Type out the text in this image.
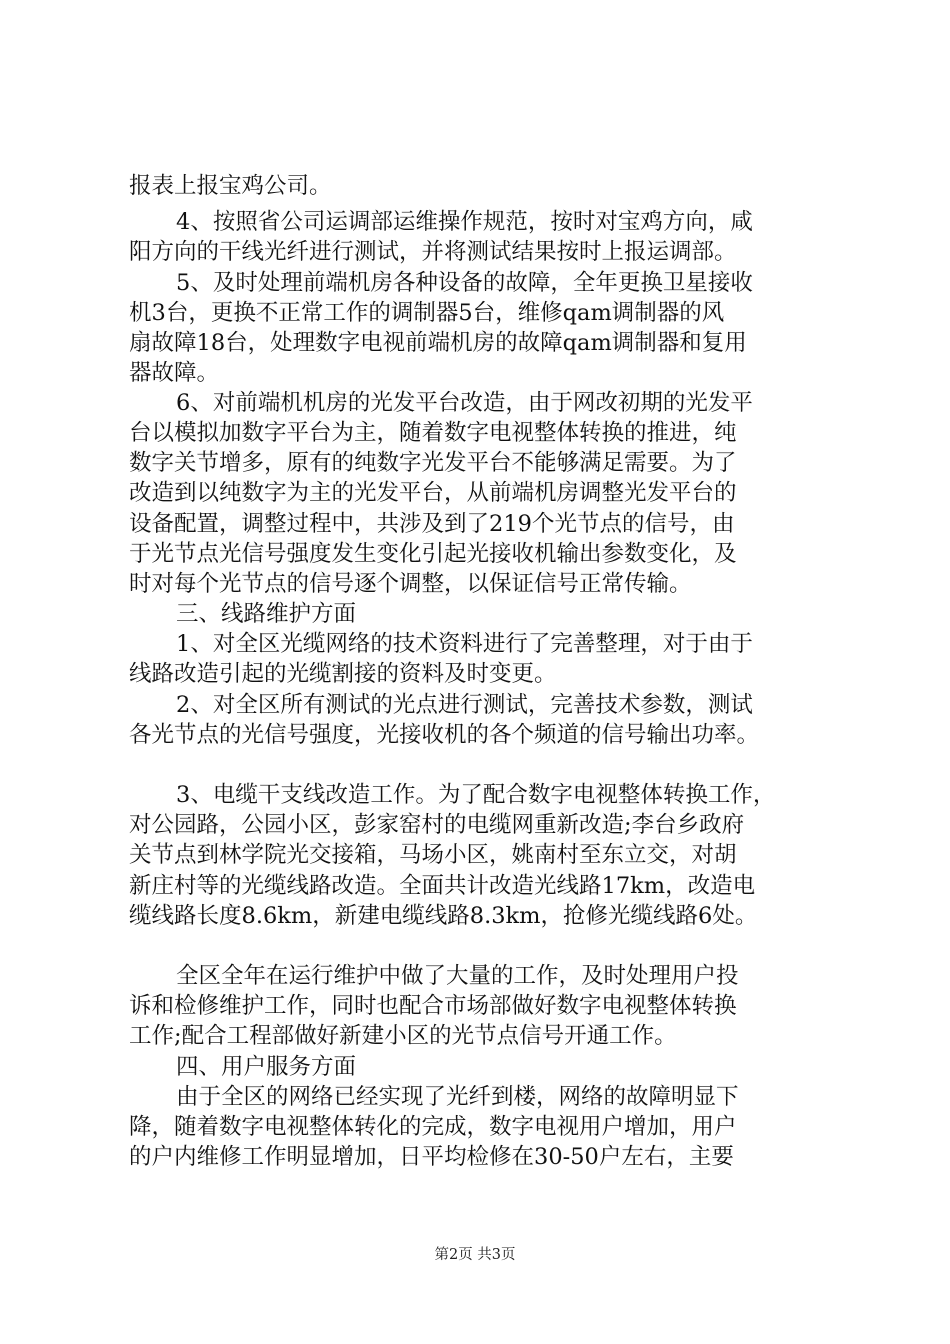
报表上报宝鸡公司。
4、按照省公司运调部运维操作规范，按时对宝鸡方向，咸
阳方向的干线光纤进行测试，并将测试结果按时上报运调部。
5、及时处理前端机房各种设备的故障，全年更换卫星接收
机3台，更换不正常工作的调制器5台，维修qam调制器的风
扇故障18台，处理数字电视前端机房的故障qam调制器和复用
器故障。
6、对前端机机房的光发平台改造，由于网改初期的光发平
台以模拟加数字平台为主，随着数字电视整体转换的推进，纯
数字关节增多，原有的纯数字光发平台不能够满足需要。为了
改造到以纯数字为主的光发平台，从前端机房调整光发平台的
设备配置，调整过程中，共涉及到了219个光节点的信号，由
于光节点光信号强度发生变化引起光接收机输出参数变化，及
时对每个光节点的信号逐个调整，以保证信号正常传输。
三、线路维护方面
1、对全区光缆网络的技术资料进行了完善整理，对于由于
线路改造引起的光缆割接的资料及时变更。
2、对全区所有测试的光点进行测试，完善技术参数，测试
各光节点的光信号强度，光接收机的各个频道的信号输出功率。
3、电缆干支线改造工作。为了配合数字电视整体转换工作，
对公园路，公园小区，彭家窑村的电缆网重新改造;李台乡政府
关节点到林学院光交接箱，马场小区，姚南村至东立交，对胡
新庄村等的光缆线路改造。全面共计改造光线路17km，改造电
缆线路长度8.6km，新建电缆线路8.3km，抢修光缆线路6处。
全区全年在运行维护中做了大量的工作，及时处理用户投
诉和检修维护工作，同时也配合市场部做好数字电视整体转换
工作;配合工程部做好新建小区的光节点信号开通工作。
四、用户服务方面
由于全区的网络已经实现了光纤到楼，网络的故障明显下
降，随着数字电视整体转化的完成，数字电视用户增加，用户
的户内维修工作明显增加，日平均检修在30-50户左右，主要
第2页 共3页
